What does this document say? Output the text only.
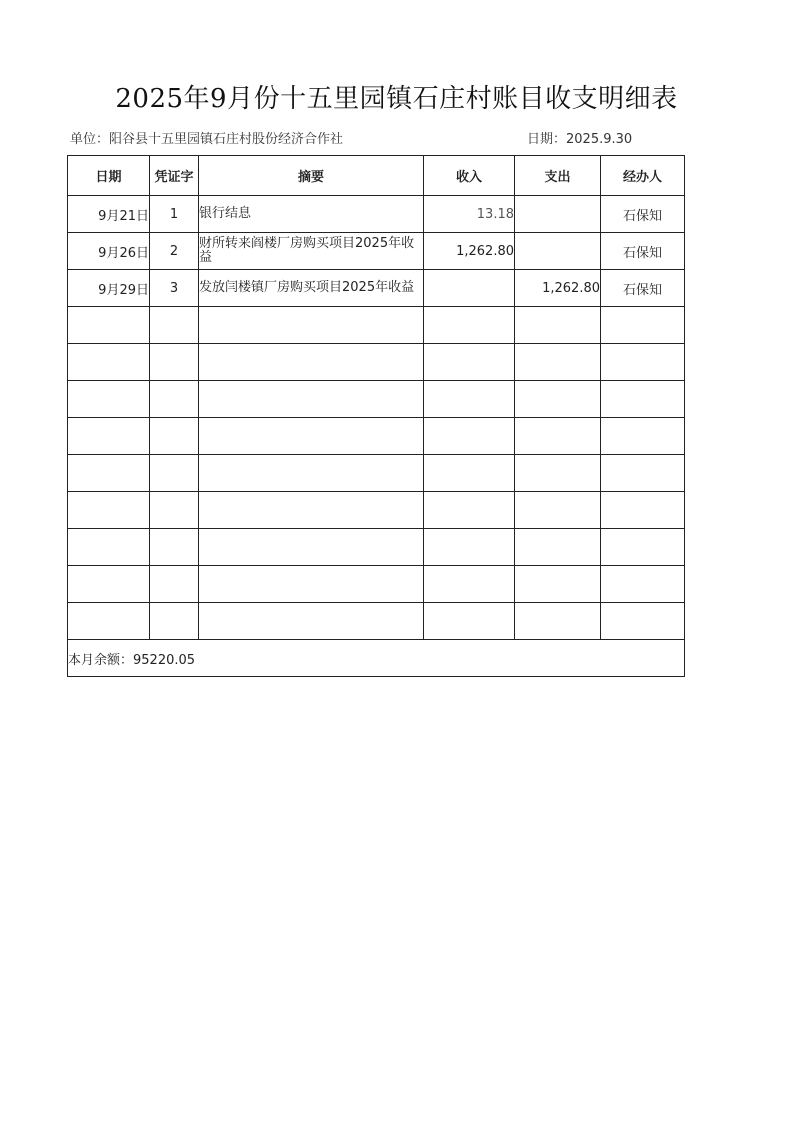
2025年9月份十五里园镇石庄村账目收支明细表
单位：阳谷县十五里园镇石庄村股份经济合作社	日期：2025.9.30
日期	凭证字	摘要	收入	支出	经办人
9月21日	1	银行结息	13.18		石保知
9月26日	2	财所转来阎楼厂房购买项目2025年收益	1,262.80		石保知
9月29日	3	发放闫楼镇厂房购买项目2025年收益		1,262.80	石保知

本月余额：95220.05					
